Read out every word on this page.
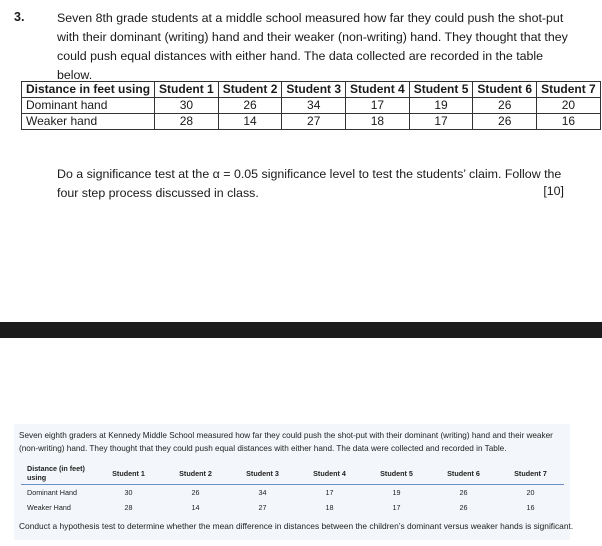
3.	Seven 8th grade students at a middle school measured how far they could push the shot-put with their dominant (writing) hand and their weaker (non-writing) hand. They thought that they could push equal distances with either hand. The data collected are recorded in the table below.
Distance in feet using	Student 1	Student 2	Student 3	Student 4	Student 5	Student 6	Student 7
Dominant hand	30	26	34	17	19	26	20
Weaker hand	28	14	27	18	17	26	16
Do a significance test at the α = 0.05 significance level to test the students’ claim. Follow the four step process discussed in class.	[10]
Seven eighth graders at Kennedy Middle School measured how far they could push the shot-put with their dominant (writing) hand and their weaker (non-writing) hand. They thought that they could push equal distances with either hand. The data were collected and recorded in Table.
Distance (in feet) using	Student 1	Student 2	Student 3	Student 4	Student 5	Student 6	Student 7
Dominant Hand	30	26	34	17	19	26	20
Weaker Hand	28	14	27	18	17	26	16
Conduct a hypothesis test to determine whether the mean difference in distances between the children’s dominant versus weaker hands is significant.
